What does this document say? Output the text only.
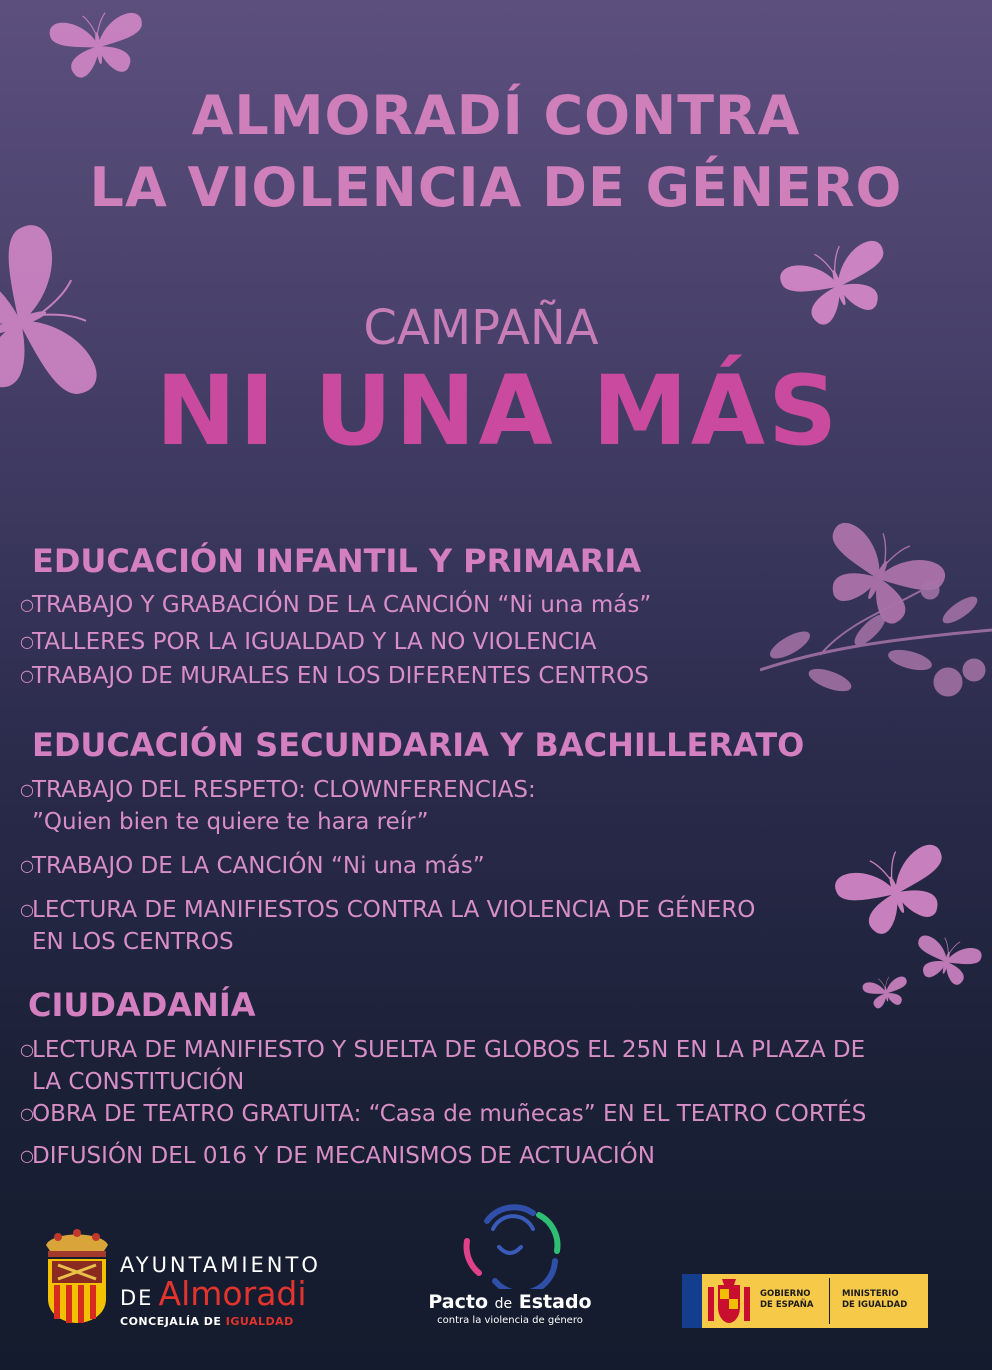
ALMORADÍ CONTRA
LA VIOLENCIA DE GÉNERO
CAMPAÑA
NI UNA MÁS
EDUCACIÓN INFANTIL Y PRIMARIA
○TRABAJO Y GRABACIÓN DE LA CANCIÓN “Ni una más”
○TALLERES POR LA IGUALDAD Y LA NO VIOLENCIA
○TRABAJO DE MURALES EN LOS DIFERENTES CENTROS
EDUCACIÓN SECUNDARIA Y BACHILLERATO
○TRABAJO DEL RESPETO: CLOWNFERENCIAS:
”Quien bien te quiere te hara reír”
○TRABAJO DE LA CANCIÓN “Ni una más”
○LECTURA DE MANIFIESTOS CONTRA LA VIOLENCIA DE GÉNERO
EN LOS CENTROS
CIUDADANÍA
○LECTURA DE MANIFIESTO Y SUELTA DE GLOBOS EL 25N EN LA PLAZA DE
LA CONSTITUCIÓN
○OBRA DE TEATRO GRATUITA: “Casa de muñecas” EN EL TEATRO CORTÉS
○DIFUSIÓN DEL 016 Y DE MECANISMOS DE ACTUACIÓN
AYUNTAMIENTO
DE Almoradi
CONCEJALÍA DE IGUALDAD
Pacto de Estado
contra la violencia de género
GOBIERNO
DE ESPAÑA
MINISTERIO
DE IGUALDAD
